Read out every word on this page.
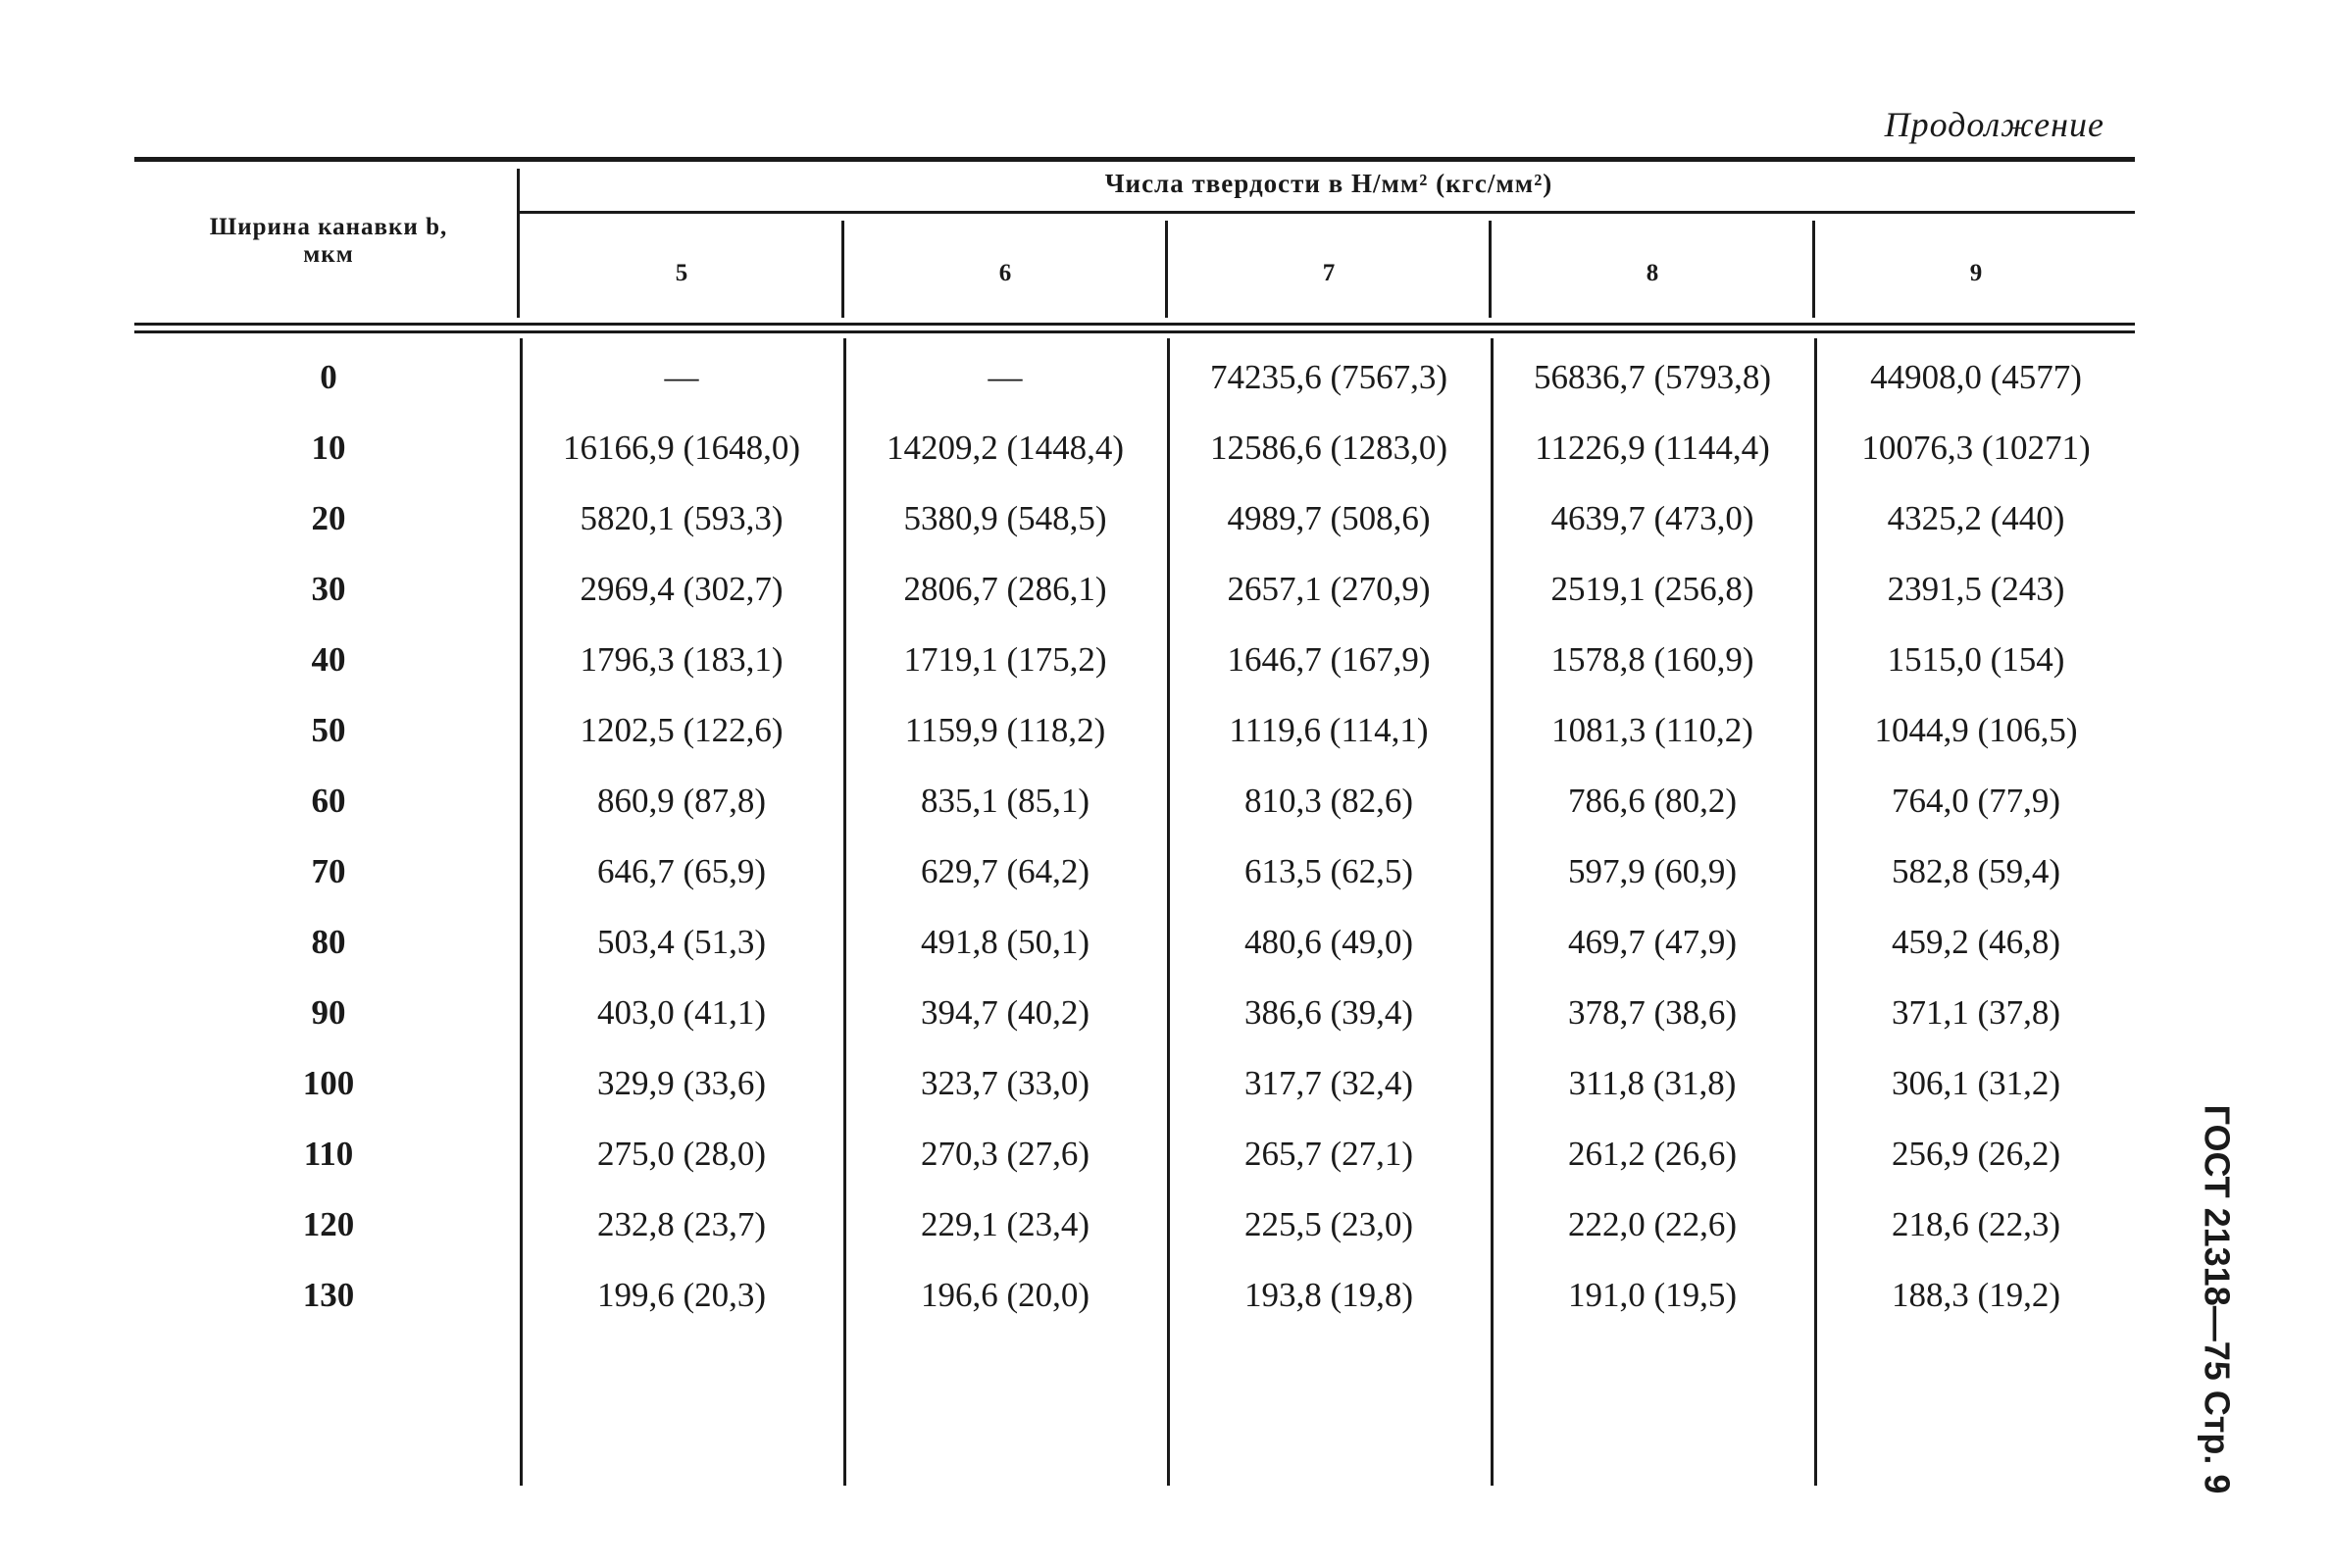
Продолжение
Числа твердости в Н/мм² (кгс/мм²)
Ширина канавки b,
мкм
5	6	7	8	9
0	—	—	74235,6 (7567,3)	56836,7 (5793,8)	44908,0 (4577)
10	16166,9 (1648,0)	14209,2 (1448,4)	12586,6 (1283,0)	11226,9 (1144,4)	10076,3 (10271)
20	5820,1 (593,3)	5380,9 (548,5)	4989,7 (508,6)	4639,7 (473,0)	4325,2 (440)
30	2969,4 (302,7)	2806,7 (286,1)	2657,1 (270,9)	2519,1 (256,8)	2391,5 (243)
40	1796,3 (183,1)	1719,1 (175,2)	1646,7 (167,9)	1578,8 (160,9)	1515,0 (154)
50	1202,5 (122,6)	1159,9 (118,2)	1119,6 (114,1)	1081,3 (110,2)	1044,9 (106,5)
60	860,9 (87,8)	835,1 (85,1)	810,3 (82,6)	786,6 (80,2)	764,0 (77,9)
70	646,7 (65,9)	629,7 (64,2)	613,5 (62,5)	597,9 (60,9)	582,8 (59,4)
80	503,4 (51,3)	491,8 (50,1)	480,6 (49,0)	469,7 (47,9)	459,2 (46,8)
90	403,0 (41,1)	394,7 (40,2)	386,6 (39,4)	378,7 (38,6)	371,1 (37,8)
100	329,9 (33,6)	323,7 (33,0)	317,7 (32,4)	311,8 (31,8)	306,1 (31,2)
110	275,0 (28,0)	270,3 (27,6)	265,7 (27,1)	261,2 (26,6)	256,9 (26,2)
120	232,8 (23,7)	229,1 (23,4)	225,5 (23,0)	222,0 (22,6)	218,6 (22,3)
130	199,6 (20,3)	196,6 (20,0)	193,8 (19,8)	191,0 (19,5)	188,3 (19,2)	ГОСТ 21318—75 Стр. 9
